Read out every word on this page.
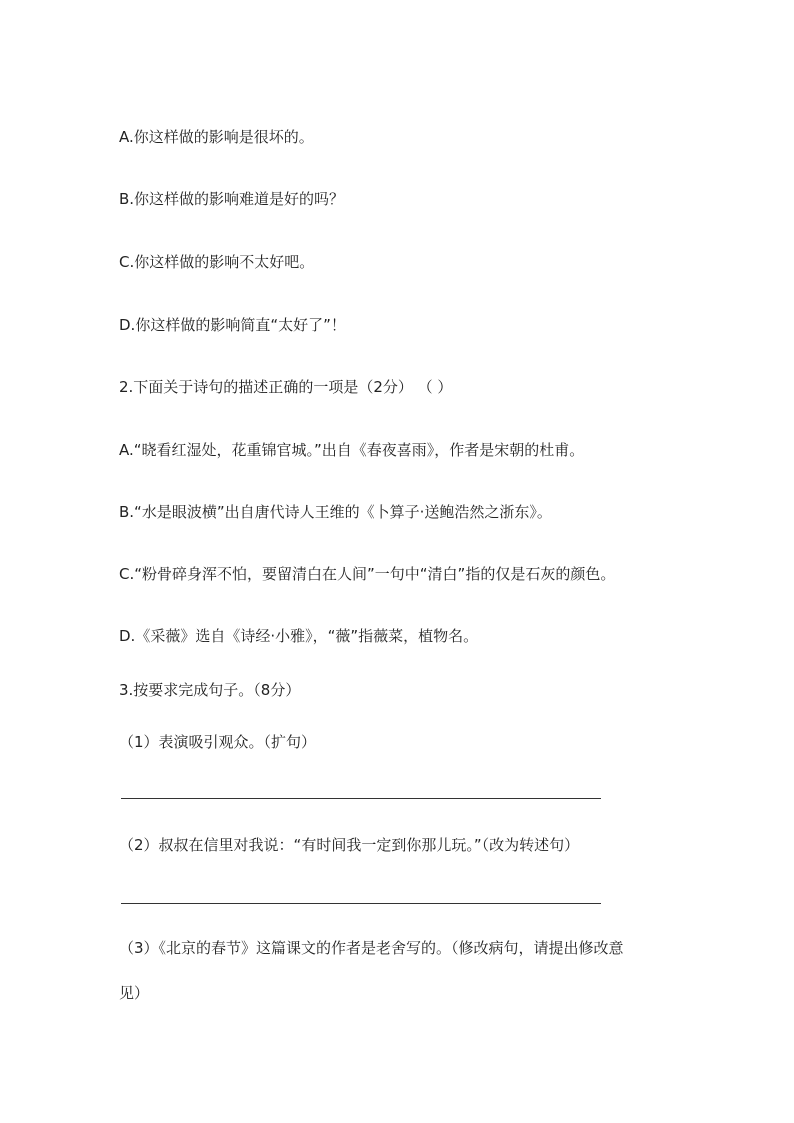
A.你这样做的影响是很坏的。
B.你这样做的影响难道是好的吗？
C.你这样做的影响不太好吧。
D.你这样做的影响简直“太好了”！
2.下面关于诗句的描述正确的一项是（2分） （ ）
A.“晓看红湿处，花重锦官城。”出自《春夜喜雨》，作者是宋朝的杜甫。
B.“水是眼波横”出自唐代诗人王维的《卜算子·送鲍浩然之浙东》。
C.“粉骨碎身浑不怕，要留清白在人间”一句中“清白”指的仅是石灰的颜色。
D.《采薇》选自《诗经·小雅》，“薇”指薇菜，植物名。
3.按要求完成句子。（8分）
（1）表演吸引观众。（扩句）
（2）叔叔在信里对我说：“有时间我一定到你那儿玩。”（改为转述句）
（3）《北京的春节》这篇课文的作者是老舍写的。（修改病句，请提出修改意
见）
